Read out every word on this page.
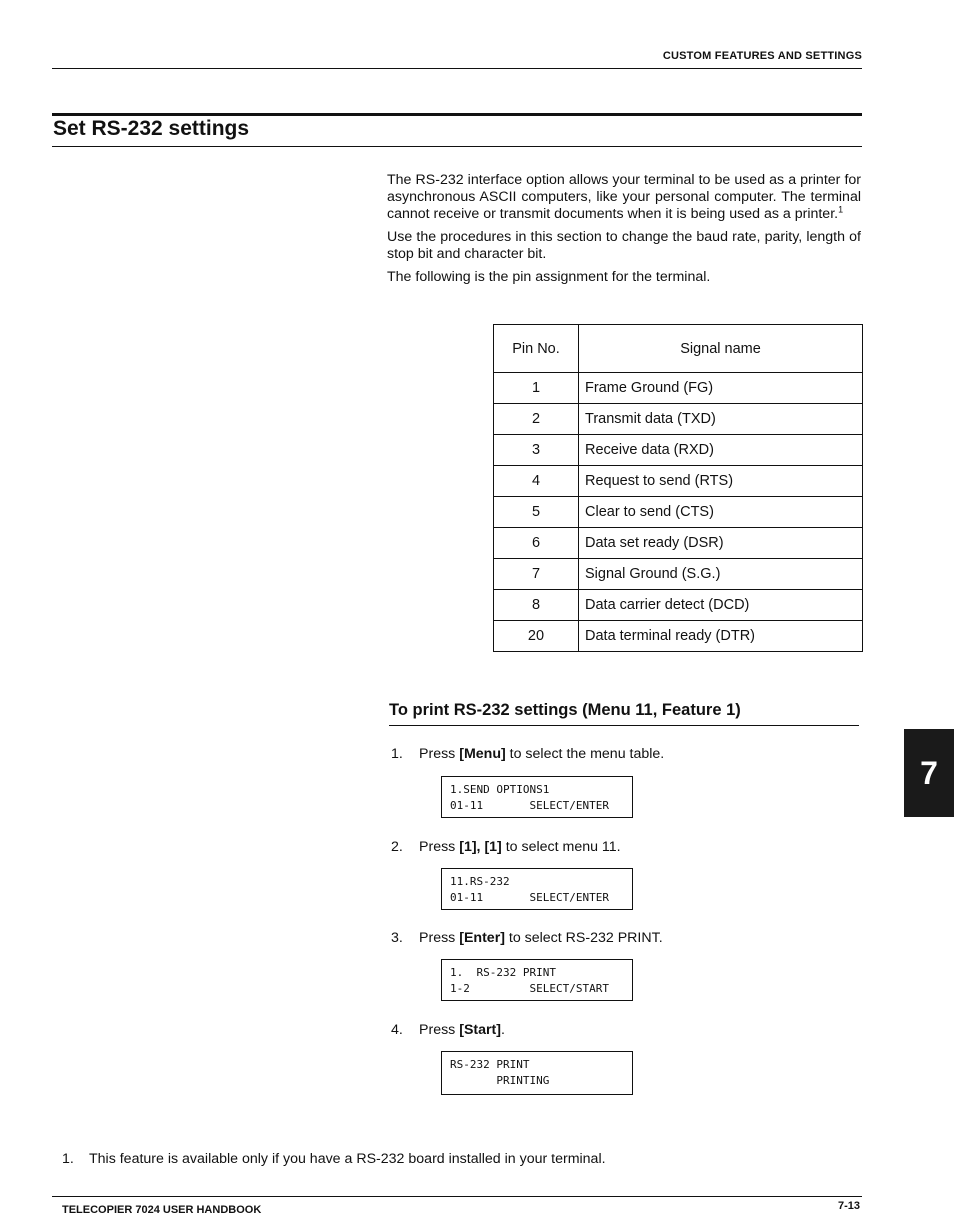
CUSTOM FEATURES AND SETTINGS
Set RS-232 settings

The RS-232 interface option allows your terminal to be used as a printer for asynchronous ASCII computers, like your personal computer. The terminal cannot receive or transmit documents when it is being used as a printer.$^1$

Use the procedures in this section to change the baud rate, parity, length of stop bit and character bit.

The following is the pin assignment for the terminal.

Pin No.	Signal name
1	Frame Ground (FG)
2	Transmit data (TXD)
3	Receive data (RXD)
4	Request to send (RTS)
5	Clear to send (CTS)
6	Data set ready (DSR)
7	Signal Ground (S.G.)
8	Data carrier detect (DCD)
20	Data terminal ready (DTR)
To print RS-232 settings (Menu 11, Feature 1)
1. Press [Menu] to select the menu table.
1.SEND OPTIONS1
01-11       SELECT/ENTER
2. Press [1], [1] to select menu 11.
11.RS-232
01-11       SELECT/ENTER
3. Press [Enter] to select RS-232 PRINT.
1.  RS-232 PRINT
1-2         SELECT/START
4. Press [Start].
RS-232 PRINT
PRINTING
7
1. This feature is available only if you have a RS-232 board installed in your terminal.
TELECOPIER 7024 USER HANDBOOK	7-13
